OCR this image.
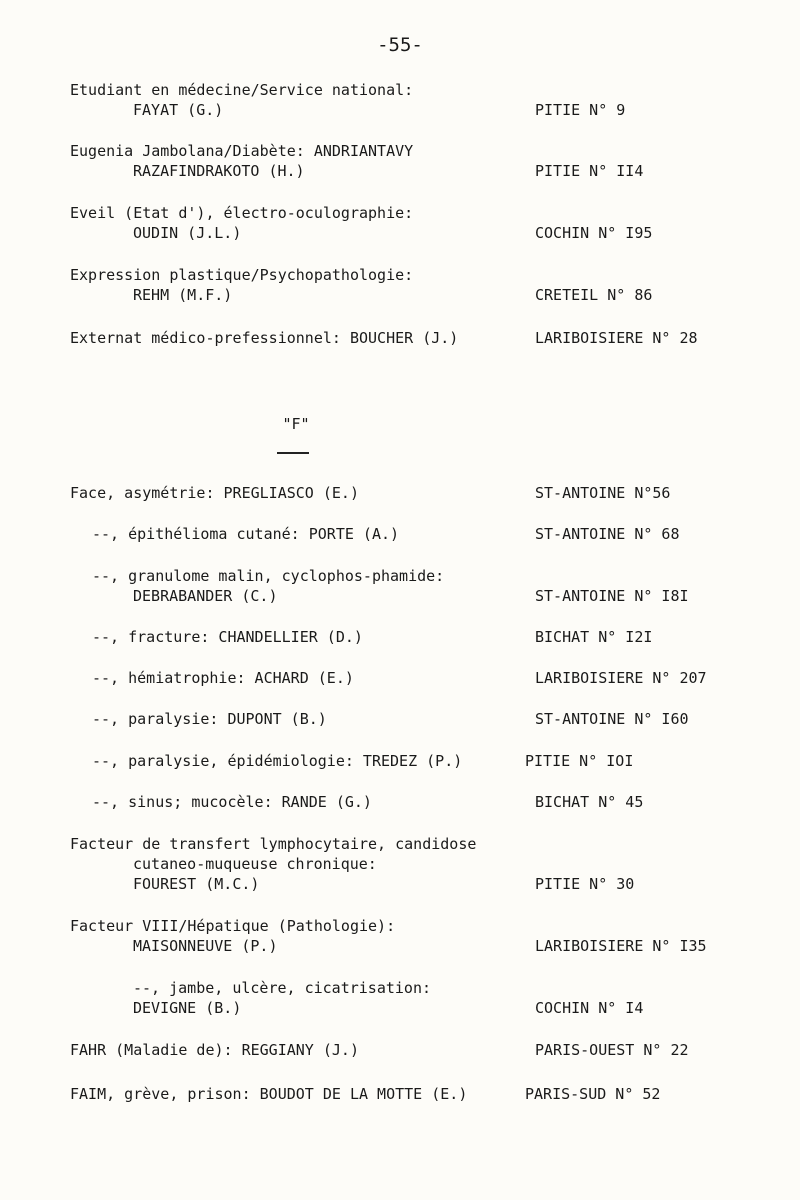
-55-
Etudiant en médecine/Service national:
FAYAT (G.)	PITIE N° 9
Eugenia Jambolana/Diabète: ANDRIANTAVY
RAZAFINDRAKOTO (H.)	PITIE N° II4
Eveil (Etat d'), électro-oculographie:
OUDIN (J.L.)	COCHIN N° I95
Expression plastique/Psychopathologie:
REHM (M.F.)	CRETEIL N° 86
Externat médico-prefessionnel: BOUCHER (J.)	LARIBOISIERE N° 28
"F"
Face, asymétrie: PREGLIASCO (E.)	ST-ANTOINE N°56
--, épithélioma cutané: PORTE (A.)	ST-ANTOINE N° 68
--, granulome malin, cyclophos-phamide:
DEBRABANDER (C.)	ST-ANTOINE N° I8I
--, fracture: CHANDELLIER (D.)	BICHAT N° I2I
--, hémiatrophie: ACHARD (E.)	LARIBOISIERE N° 207
--, paralysie: DUPONT (B.)	ST-ANTOINE N° I60
--, paralysie, épidémiologie: TREDEZ (P.)	PITIE N° IOI
--, sinus; mucocèle: RANDE (G.)	BICHAT N° 45
Facteur de transfert lymphocytaire, candidose
cutaneo-muqueuse chronique:
FOUREST (M.C.)	PITIE N° 30
Facteur VIII/Hépatique (Pathologie):
MAISONNEUVE (P.)	LARIBOISIERE N° I35
--, jambe, ulcère, cicatrisation:
DEVIGNE (B.)	COCHIN N° I4
FAHR (Maladie de): REGGIANY (J.)	PARIS-OUEST N° 22
FAIM, grève, prison: BOUDOT DE LA MOTTE (E.)	PARIS-SUD N° 52
